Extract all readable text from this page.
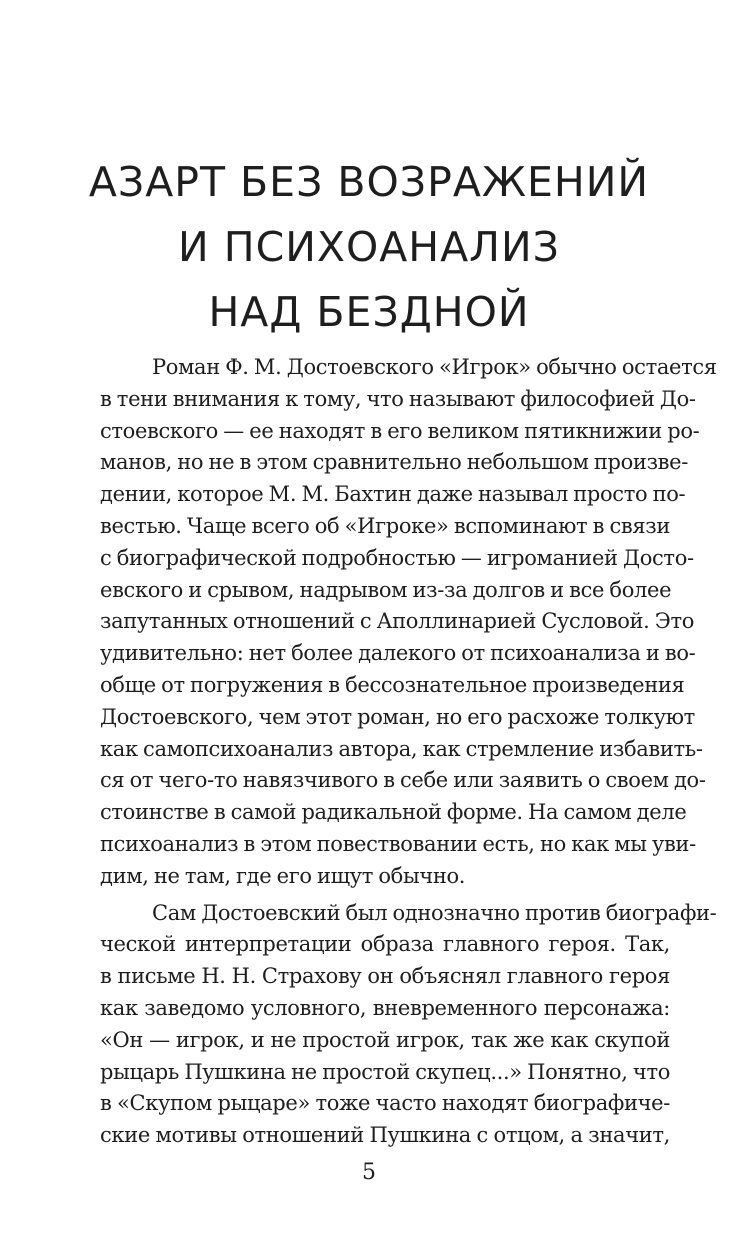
АЗАРТ БЕЗ ВОЗРАЖЕНИЙ
И ПСИХОАНАЛИЗ
НАД БЕЗДНОЙ
Роман Ф. М. Достоевского «Игрок» обычно остается
в тени внимания к тому, что называют философией До-
стоевского — ее находят в его великом пятикнижии ро-
манов, но не в этом сравнительно небольшом произве-
дении, которое М. М. Бахтин даже называл просто по-
вестью. Чаще всего об «Игроке» вспоминают в связи
с биографической подробностью — игроманией Досто-
евского и срывом, надрывом из-за долгов и все более
запутанных отношений с Аполлинарией Сусловой. Это
удивительно: нет более далекого от психоанализа и во-
обще от погружения в бессознательное произведения
Достоевского, чем этот роман, но его расхоже толкуют
как самопсихоанализ автора, как стремление избавить-
ся от чего-то навязчивого в себе или заявить о своем до-
стоинстве в самой радикальной форме. На самом деле
психоанализ в этом повествовании есть, но как мы уви-
дим, не там, где его ищут обычно.
Сам Достоевский был однозначно против биографи-
ческой интерпретации образа главного героя. Так,
в письме Н. Н. Страхову он объяснял главного героя
как заведомо условного, вневременного персонажа:
«Он — игрок, и не простой игрок, так же как скупой
рыцарь Пушкина не простой скупец...» Понятно, что
в «Скупом рыцаре» тоже часто находят биографиче-
ские мотивы отношений Пушкина с отцом, а значит,
5
